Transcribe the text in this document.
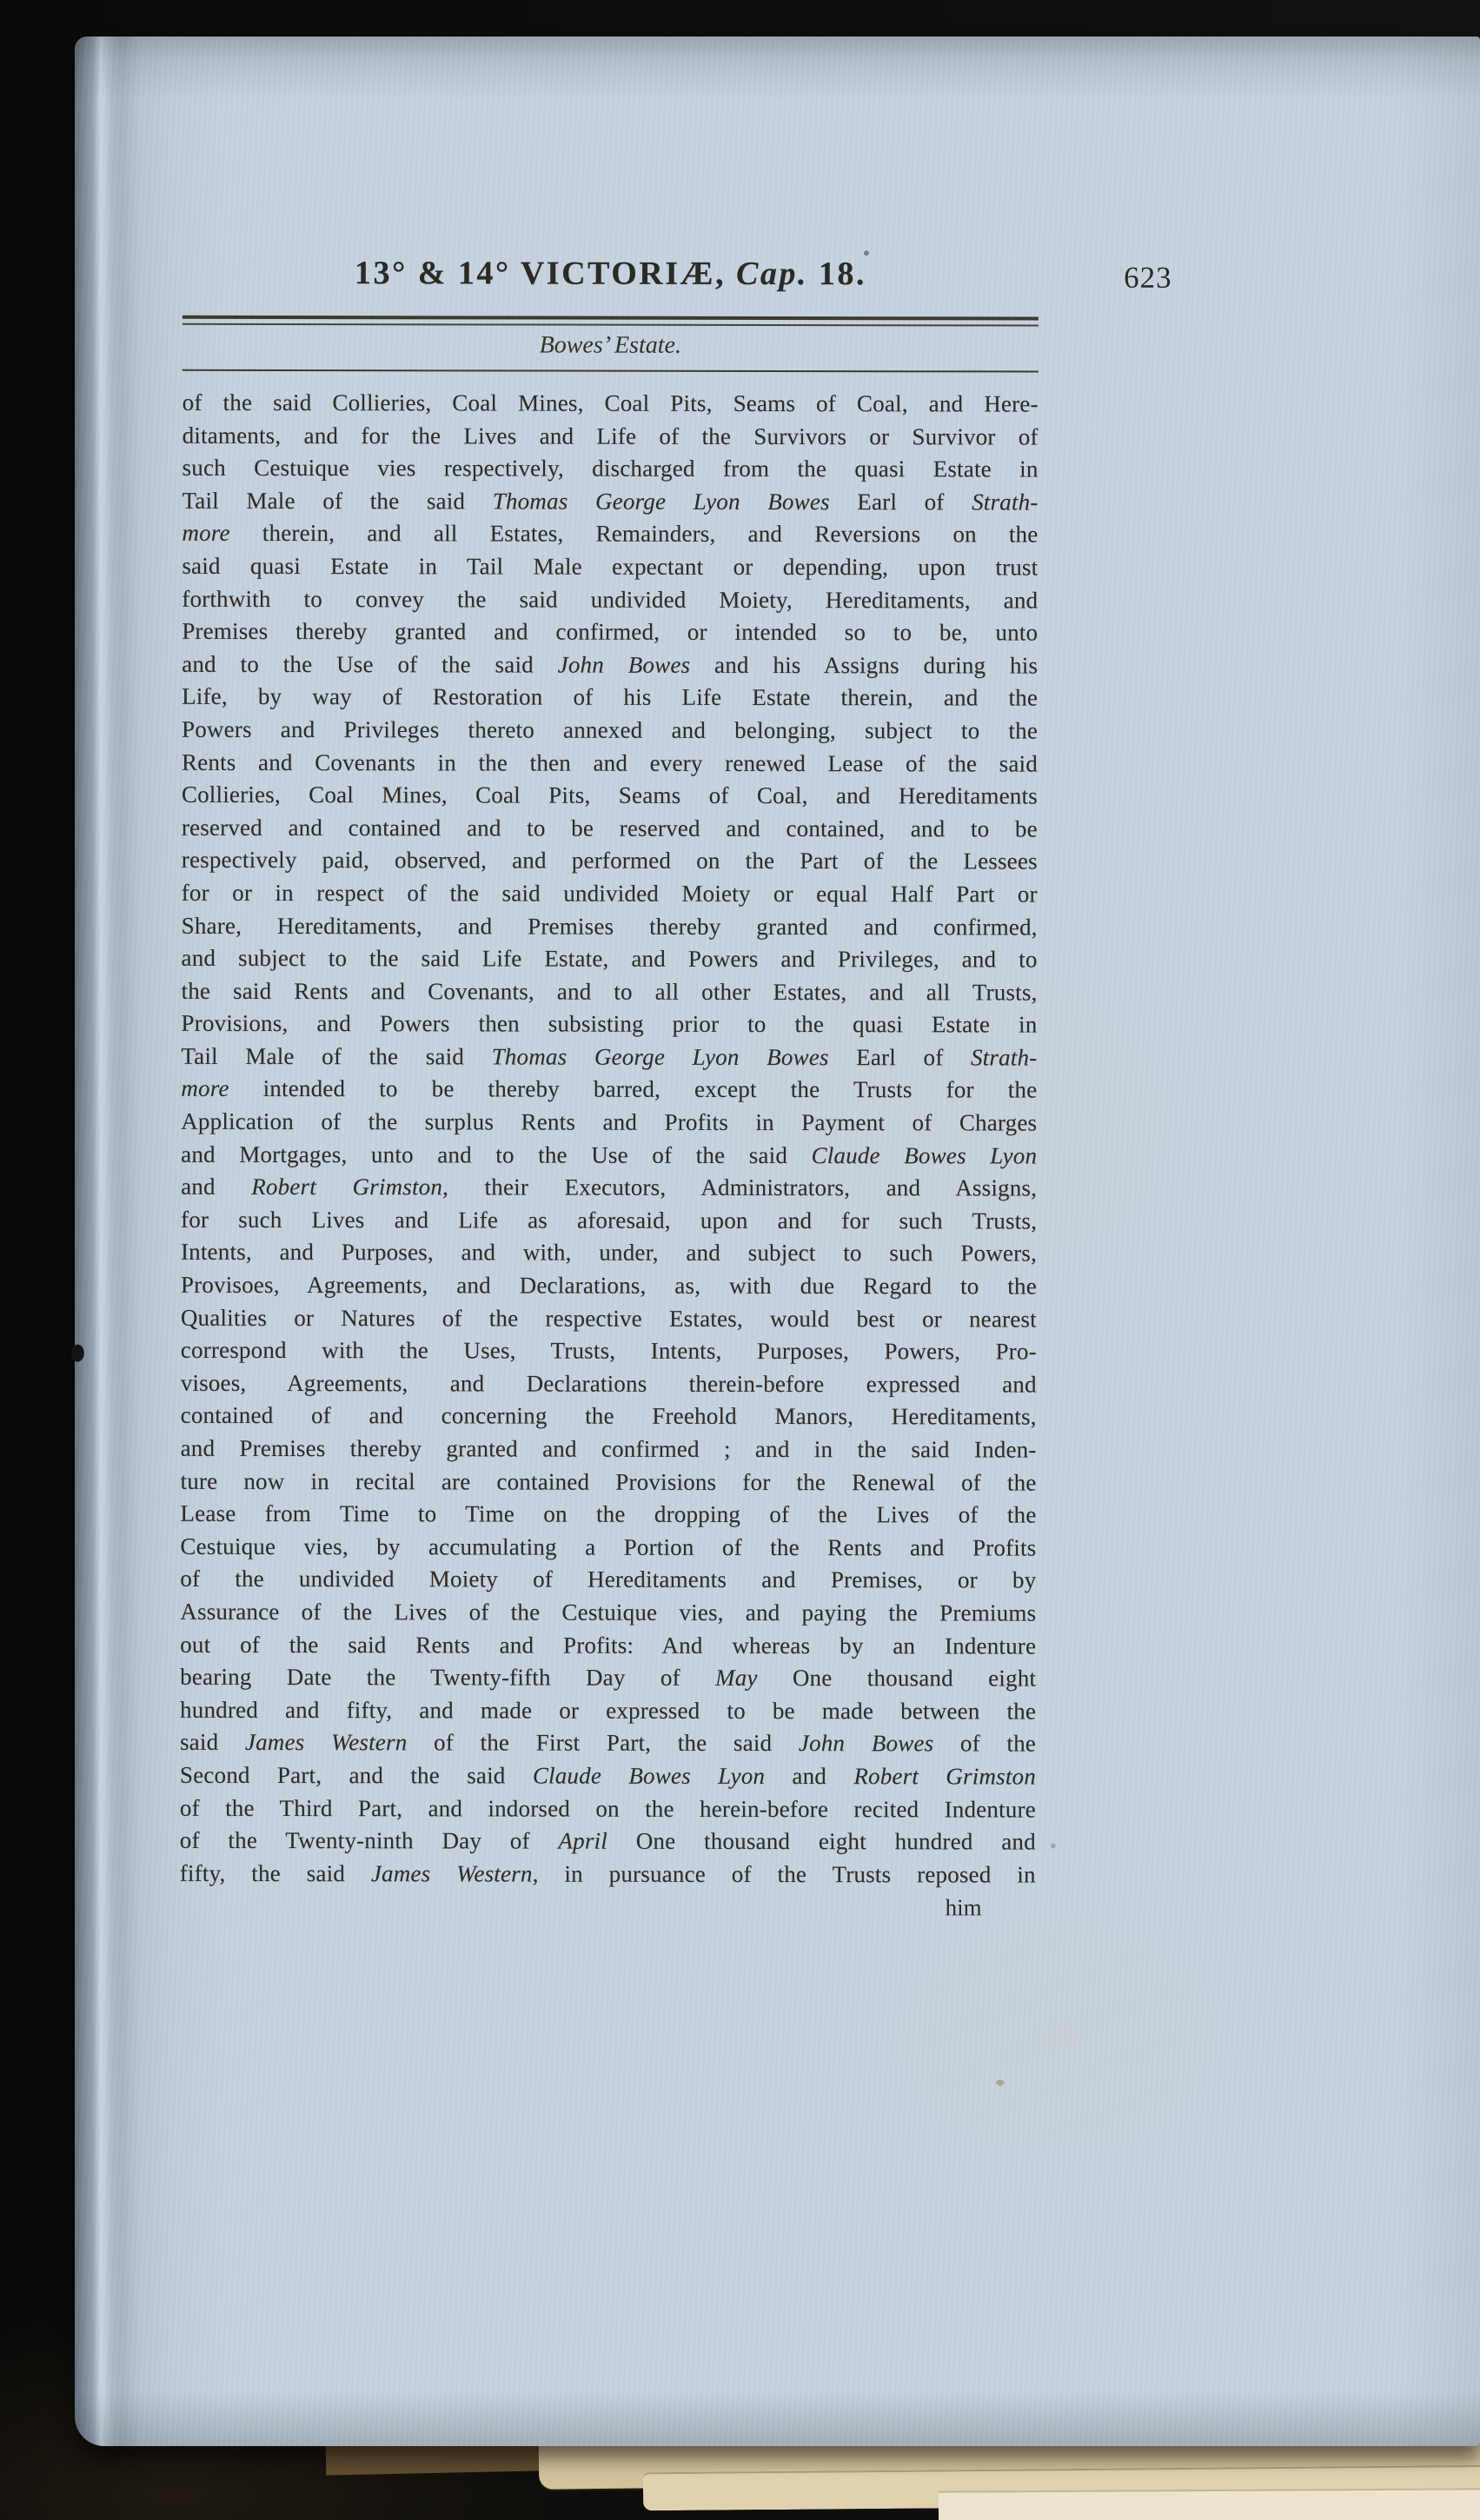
13° & 14° VICTORIÆ, Cap. 18.	623
Bowes’ Estate.
of the said Collieries, Coal Mines, Coal Pits, Seams of Coal, and Here-
ditaments, and for the Lives and Life of the Survivors or Survivor of
such Cestuique vies respectively, discharged from the quasi Estate in
Tail Male of the said Thomas George Lyon Bowes Earl of Strath-
more therein, and all Estates, Remainders, and Reversions on the
said quasi Estate in Tail Male expectant or depending, upon trust
forthwith to convey the said undivided Moiety, Hereditaments, and
Premises thereby granted and confirmed, or intended so to be, unto
and to the Use of the said John Bowes and his Assigns during his
Life, by way of Restoration of his Life Estate therein, and the
Powers and Privileges thereto annexed and belonging, subject to the
Rents and Covenants in the then and every renewed Lease of the said
Collieries, Coal Mines, Coal Pits, Seams of Coal, and Hereditaments
reserved and contained and to be reserved and contained, and to be
respectively paid, observed, and performed on the Part of the Lessees
for or in respect of the said undivided Moiety or equal Half Part or
Share, Hereditaments, and Premises thereby granted and confirmed,
and subject to the said Life Estate, and Powers and Privileges, and to
the said Rents and Covenants, and to all other Estates, and all Trusts,
Provisions, and Powers then subsisting prior to the quasi Estate in
Tail Male of the said Thomas George Lyon Bowes Earl of Strath-
more intended to be thereby barred, except the Trusts for the
Application of the surplus Rents and Profits in Payment of Charges
and Mortgages, unto and to the Use of the said Claude Bowes Lyon
and Robert Grimston, their Executors, Administrators, and Assigns,
for such Lives and Life as aforesaid, upon and for such Trusts,
Intents, and Purposes, and with, under, and subject to such Powers,
Provisoes, Agreements, and Declarations, as, with due Regard to the
Qualities or Natures of the respective Estates, would best or nearest
correspond with the Uses, Trusts, Intents, Purposes, Powers, Pro-
visoes, Agreements, and Declarations therein-before expressed and
contained of and concerning the Freehold Manors, Hereditaments,
and Premises thereby granted and confirmed ; and in the said Inden-
ture now in recital are contained Provisions for the Renewal of the
Lease from Time to Time on the dropping of the Lives of the
Cestuique vies, by accumulating a Portion of the Rents and Profits
of the undivided Moiety of Hereditaments and Premises, or by
Assurance of the Lives of the Cestuique vies, and paying the Premiums
out of the said Rents and Profits: And whereas by an Indenture
bearing Date the Twenty-fifth Day of May One thousand eight
hundred and fifty, and made or expressed to be made between the
said James Western of the First Part, the said John Bowes of the
Second Part, and the said Claude Bowes Lyon and Robert Grimston
of the Third Part, and indorsed on the herein-before recited Indenture
of the Twenty-ninth Day of April One thousand eight hundred and
fifty, the said James Western, in pursuance of the Trusts reposed in
him
